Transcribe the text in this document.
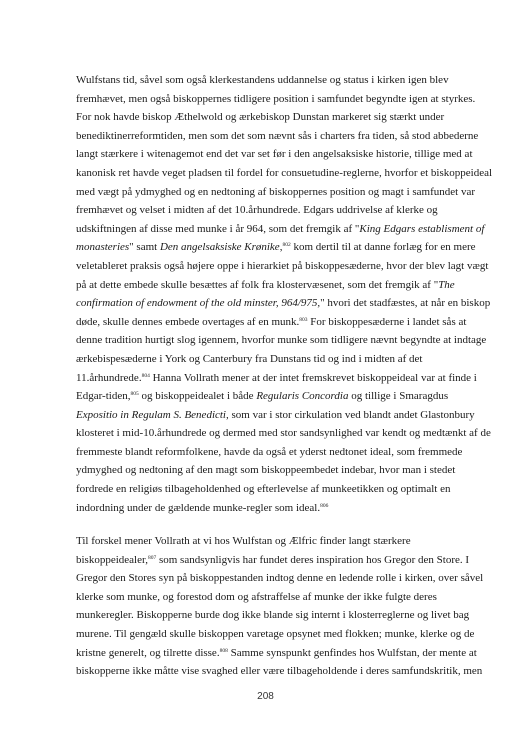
Wulfstans tid, såvel som også klerkestandens uddannelse og status i kirken igen blev
fremhævet, men også biskoppernes tidligere position i samfundet begyndte igen at styrkes.
For nok havde biskop Æthelwold og ærkebiskop Dunstan markeret sig stærkt under
benediktinerreformtiden, men som det som nævnt sås i charters fra tiden, så stod abbederne
langt stærkere i witenagemot end det var set før i den angelsaksiske historie, tillige med at
kanonisk ret havde veget pladsen til fordel for consuetudine-reglerne, hvorfor et biskoppeideal
med vægt på ydmyghed og en nedtoning af biskoppernes position og magt i samfundet var
fremhævet og velset i midten af det 10.århundrede. Edgars uddrivelse af klerke og
udskiftningen af disse med munke i år 964, som det fremgik af "King Edgars establisment of
monasteries" samt Den angelsaksiske Krønike,$^{802}$ kom dertil til at danne forlæg for en mere
veletableret praksis også højere oppe i hierarkiet på biskoppesæderne, hvor der blev lagt vægt
på at dette embede skulle besættes af folk fra klostervæsenet, som det fremgik af "The
confirmation of endowment of the old minster, 964/975," hvori det stadfæstes, at når en biskop
døde, skulle dennes embede overtages af en munk.$^{803}$ For biskoppesæderne i landet sås at
denne tradition hurtigt slog igennem, hvorfor munke som tidligere nævnt begyndte at indtage
ærkebispesæderne i York og Canterbury fra Dunstans tid og ind i midten af det
11.århundrede.$^{804}$ Hanna Vollrath mener at der intet fremskrevet biskoppeideal var at finde i
Edgar-tiden,$^{805}$ og biskoppeidealet i både Regularis Concordia og tillige i Smaragdus
Expositio in Regulam S. Benedicti, som var i stor cirkulation ved blandt andet Glastonbury
klosteret i mid-10.århundrede og dermed med stor sandsynlighed var kendt og medtænkt af de
fremmeste blandt reformfolkene, havde da også et yderst nedtonet ideal, som fremmede
ydmyghed og nedtoning af den magt som biskoppeembedet indebar, hvor man i stedet
fordrede en religiøs tilbageholdenhed og efterlevelse af munkeetikken og optimalt en
indordning under de gældende munke-regler som ideal.$^{806}$
Til forskel mener Vollrath at vi hos Wulfstan og Ælfric finder langt stærkere
biskoppeidealer,$^{807}$ som sandsynligvis har fundet deres inspiration hos Gregor den Store. I
Gregor den Stores syn på biskoppestanden indtog denne en ledende rolle i kirken, over såvel
klerke som munke, og forestod dom og afstraffelse af munke der ikke fulgte deres
munkeregler. Biskopperne burde dog ikke blande sig internt i klosterreglerne og livet bag
murene. Til gengæld skulle biskoppen varetage opsynet med flokken; munke, klerke og de
kristne generelt, og tilrette disse.$^{808}$ Samme synspunkt genfindes hos Wulfstan, der mente at
biskopperne ikke måtte vise svaghed eller være tilbageholdende i deres samfundskritik, men
208
